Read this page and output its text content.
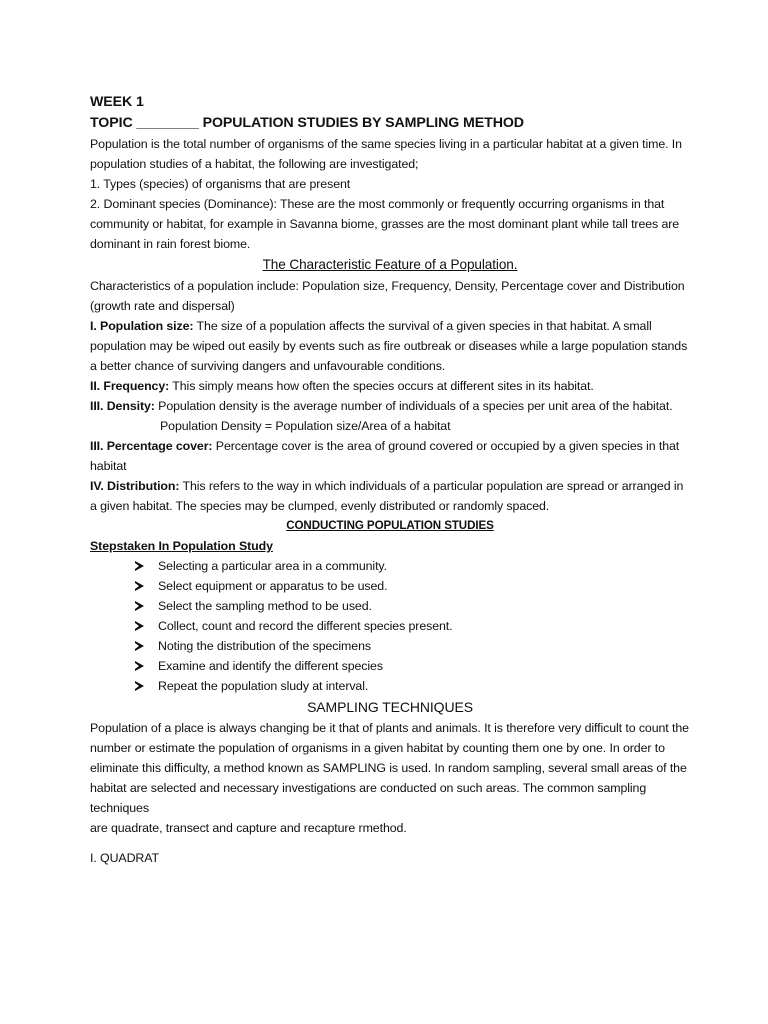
WEEK 1

TOPIC ________ POPULATION STUDIES BY SAMPLING METHOD

Population is the total number of organisms of the same species living in a particular habitat at a given time. In population studies of a habitat, the following are investigated;

1. Types (species) of organisms that are present

2. Dominant species (Dominance): These are the most commonly or frequently occurring organisms in that community or habitat, for example in Savanna biome, grasses are the most dominant plant while tall trees are dominant in rain forest biome.

The Characteristic Feature of a Population.

Characteristics of a population include: Population size, Frequency, Density, Percentage cover and Distribution (growth rate and dispersal)

I. Population size: The size of a population affects the survival of a given species in that habitat. A small population may be wiped out easily by events such as fire outbreak or diseases while a large population stands a better chance of surviving dangers and unfavourable conditions.

II. Frequency: This simply means how often the species occurs at different sites in its habitat.

III. Density: Population density is the average number of individuals of a species per unit area of the habitat.

Population Density = Population size/Area of a habitat

III. Percentage cover: Percentage cover is the area of ground covered or occupied by a given species in that habitat

IV. Distribution: This refers to the way in which individuals of a particular population are spread or arranged in a given habitat. The species may be clumped, evenly distributed or randomly spaced.

CONDUCTING POPULATION STUDIES

Stepstaken In Population Study

Selecting a particular area in a community.
Select equipment or apparatus to be used.
Select the sampling method to be used.
Collect, count and record the different species present.
Noting the distribution of the specimens
Examine and identify the different species
Repeat the population sludy at interval.

SAMPLING TECHNIQUES

Population of a place is always changing be it that of plants and animals. It is therefore very difficult to count the number or estimate the population of organisms in a given habitat by counting them one by one. In order to eliminate this difficulty, a method known as SAMPLING is used. In random sampling, several small areas of the habitat are selected and necessary investigations are conducted on such areas. The common sampling techniques

are quadrate, transect and capture and recapture rmethod.

I. QUADRAT
